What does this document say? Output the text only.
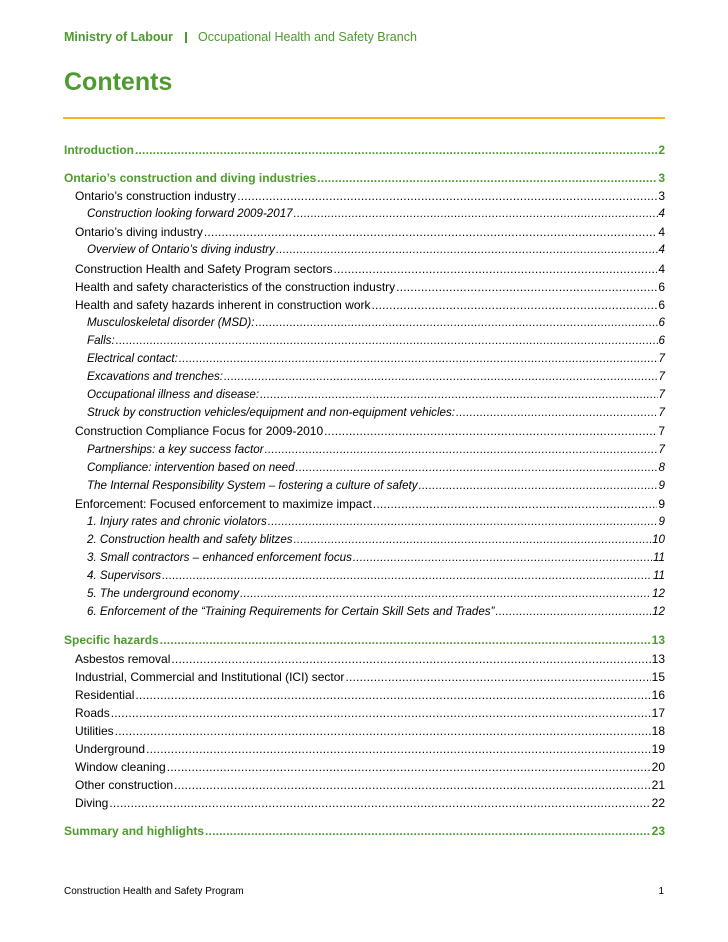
Ministry of Labour Occupational Health and Safety Branch
Contents
Introduction .....	2
Ontario’s construction and diving industries .....	3
Ontario’s construction industry .....	3
Construction looking forward 2009-2017 .....	4
Ontario’s diving industry .....	4
Overview of Ontario’s diving industry .....	4
Construction Health and Safety Program sectors .....	4
Health and safety characteristics of the construction industry .....	6
Health and safety hazards inherent in construction work .....	6
Musculoskeletal disorder (MSD): .....	6
Falls: .....	6
Electrical contact: .....	7
Excavations and trenches: .....	7
Occupational illness and disease: .....	7
Struck by construction vehicles/equipment and non-equipment vehicles: .....	7
Construction Compliance Focus for 2009-2010 .....	7
Partnerships: a key success factor .....	7
Compliance: intervention based on need .....	8
The Internal Responsibility System – fostering a culture of safety .....	9
Enforcement: Focused enforcement to maximize impact .....	9
1. Injury rates and chronic violators .....	9
2. Construction health and safety blitzes .....	10
3. Small contractors – enhanced enforcement focus .....	11
4. Supervisors .....	11
5. The underground economy .....	12
6. Enforcement of the “Training Requirements for Certain Skill Sets and Trades” .....	12
Specific hazards .....	13
Asbestos removal .....	13
Industrial, Commercial and Institutional (ICI) sector .....	15
Residential .....	16
Roads .....	17
Utilities .....	18
Underground .....	19
Window cleaning .....	20
Other construction .....	21
Diving .....	22
Summary and highlights .....	23
Construction Health and Safety Program	1
